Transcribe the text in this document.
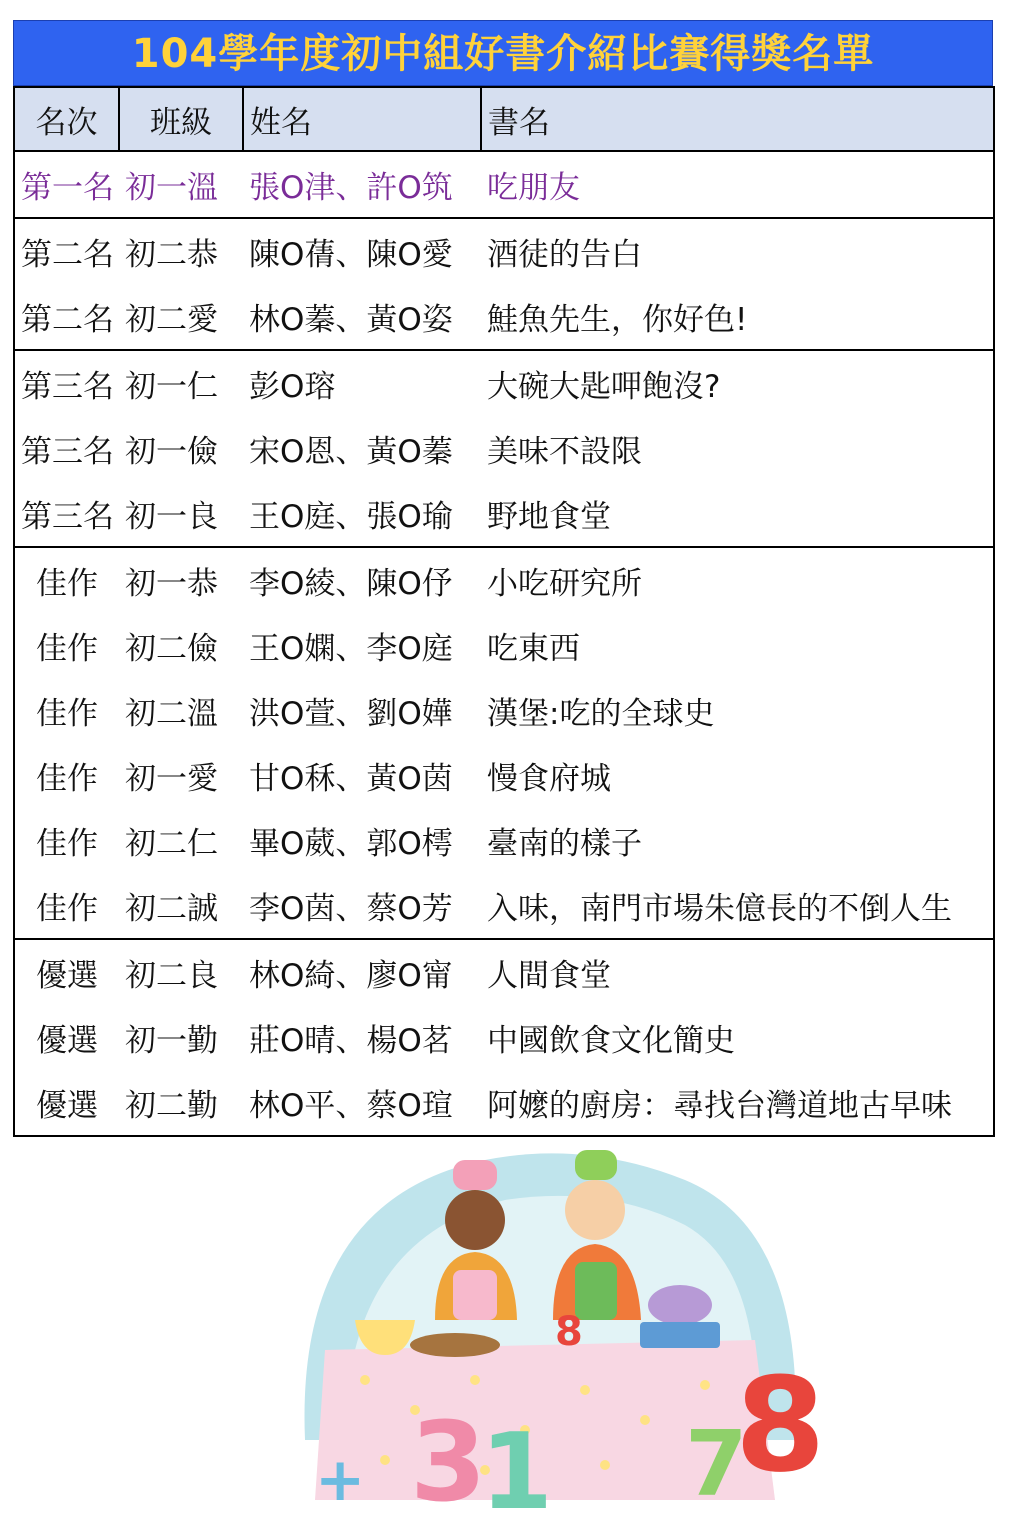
104學年度初中組好書介紹比賽得獎名單
名次	班級	姓名	書名
第一名	初一溫	張O津、許O筑	吃朋友
第二名	初二恭	陳O蒨、陳O愛	酒徒的告白
第二名	初二愛	林O蓁、黃O姿	鮭魚先生，你好色!
第三名	初一仁	彭O瑢	大碗大匙呷飽沒?
第三名	初一儉	宋O恩、黃O蓁	美味不設限
第三名	初一良	王O庭、張O瑜	野地食堂
佳作	初一恭	李O綾、陳O伃	小吃研究所
佳作	初二儉	王O嫻、李O庭	吃東西
佳作	初二溫	洪O萱、劉O嬅	漢堡:吃的全球史
佳作	初一愛	甘O秝、黃O茵	慢食府城
佳作	初二仁	畢O葳、郭O樗	臺南的樣子
佳作	初二誠	李O茵、蔡O芳	入味，南門市場朱億長的不倒人生
優選	初二良	林O綺、廖O甯	人間食堂
優選	初一勤	莊O晴、楊O茗	中國飲食文化簡史
優選	初二勤	林O平、蔡O瑄	阿嬤的廚房：尋找台灣道地古早味
3
1 7
8
8
+
